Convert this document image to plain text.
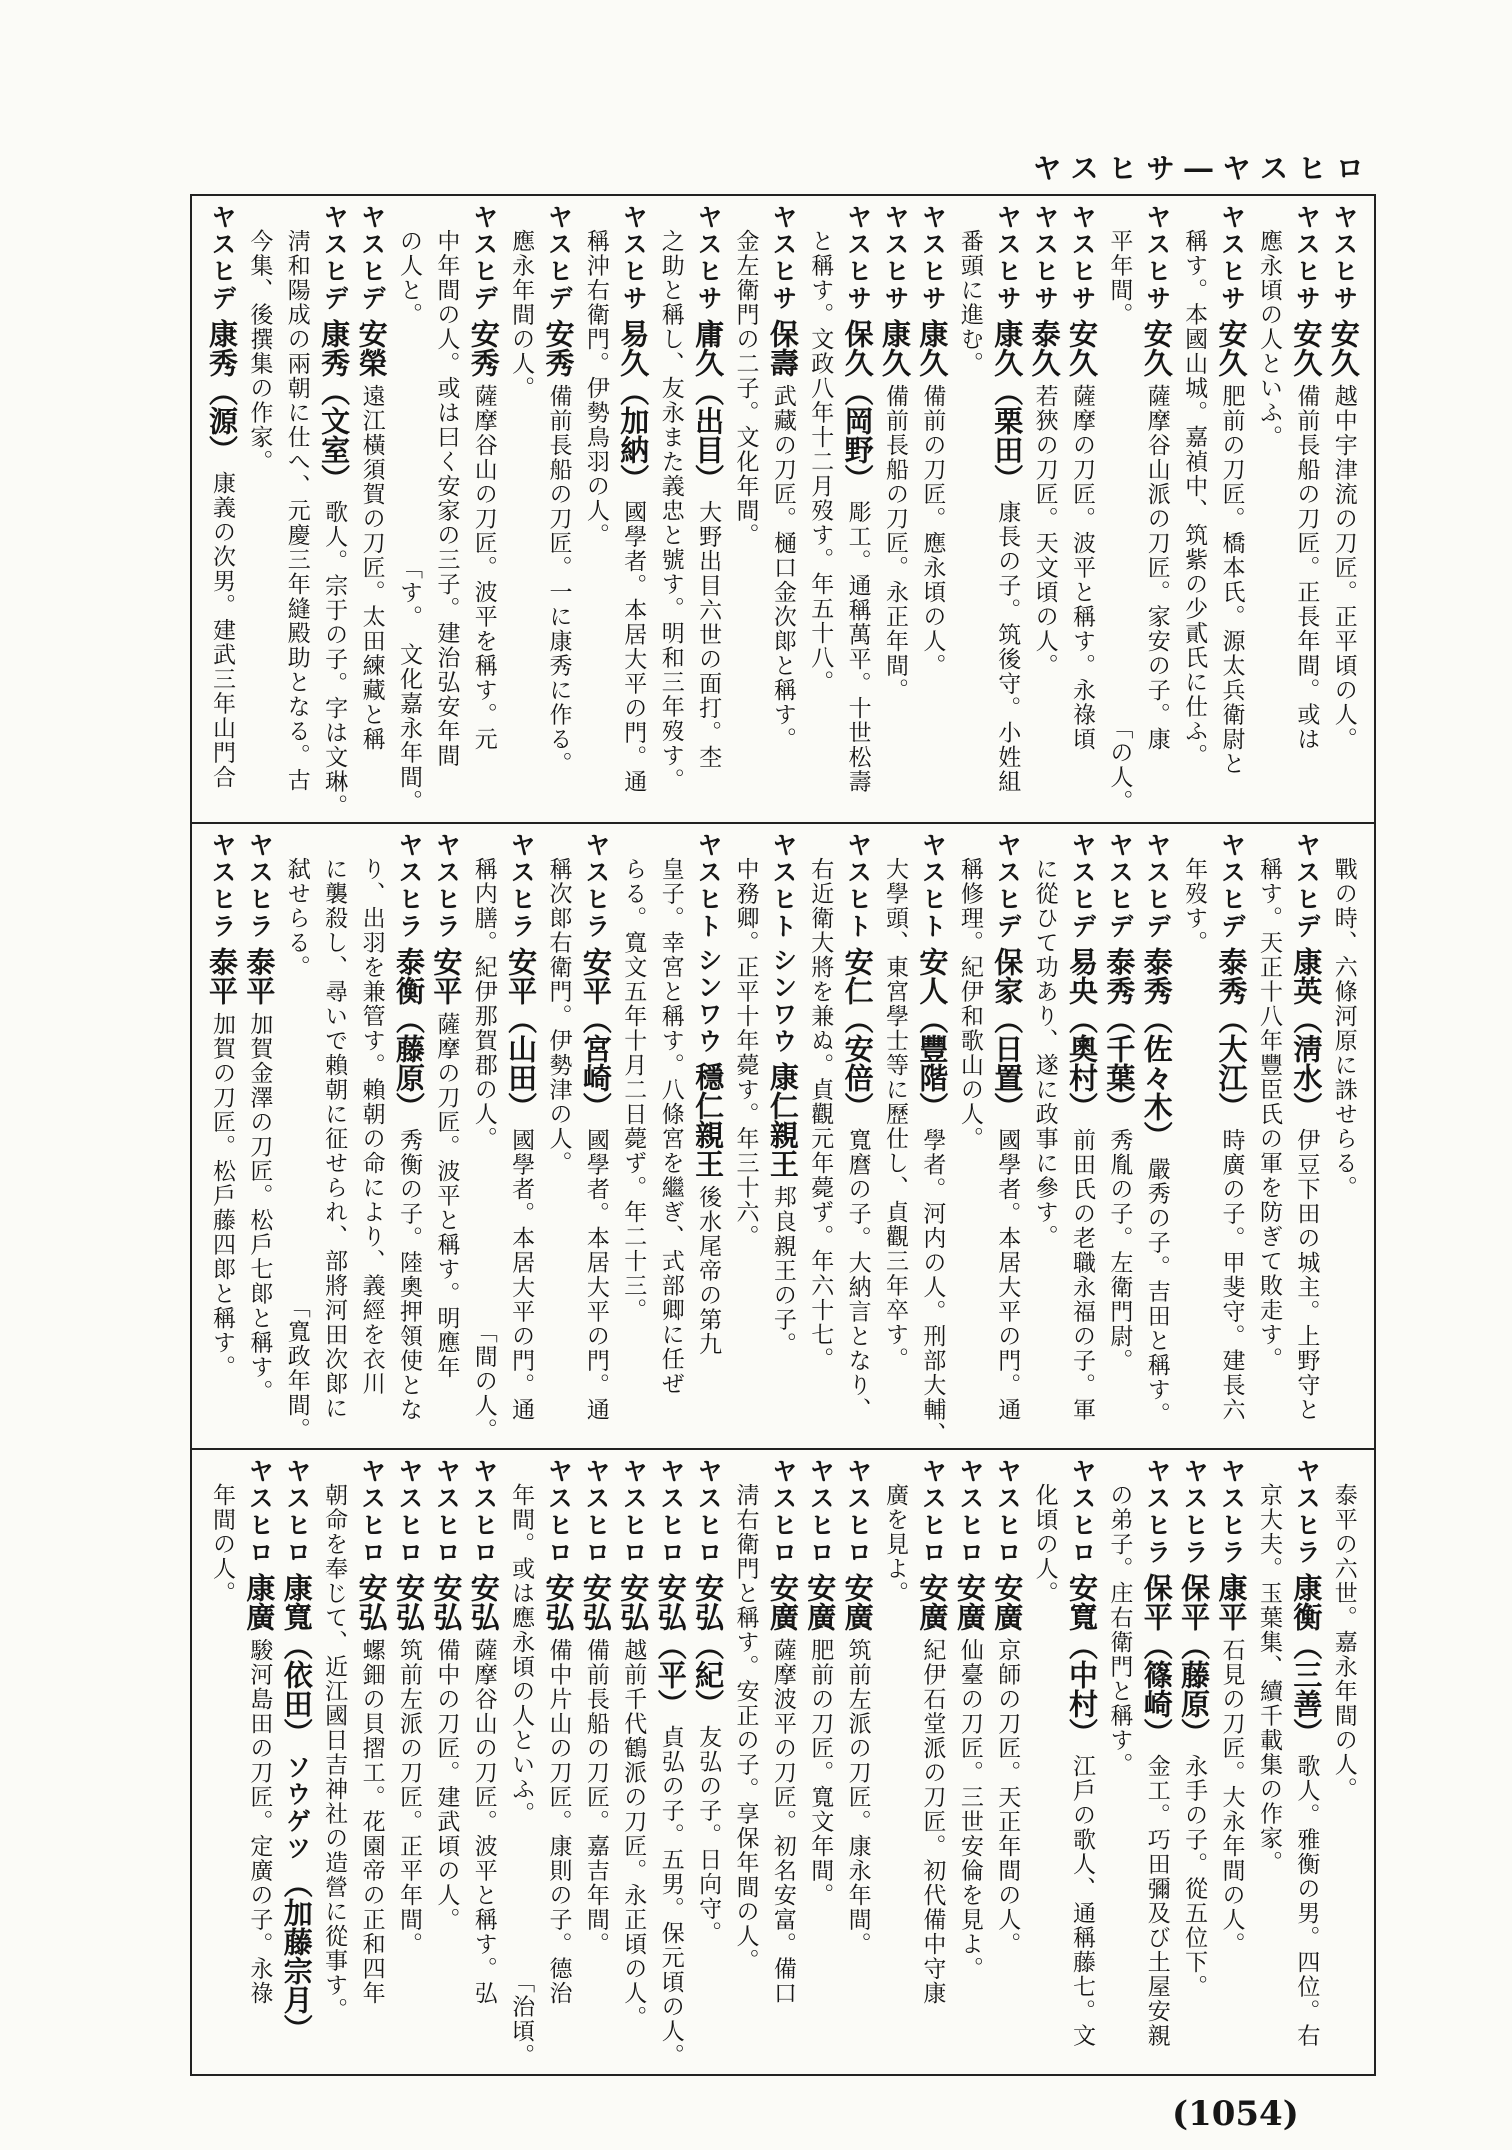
ヤスヒサ―ヤスヒロ
ヤスヒサ安久越中宇津流の刀匠。正平頃の人。
ヤスヒサ安久備前長船の刀匠。正長年間。或は
應永頃の人といふ。
ヤスヒサ安久肥前の刀匠。橋本氏。源太兵衛尉と
稱す。本國山城。嘉禎中、筑紫の少貳氏に仕ふ。
ヤスヒサ安久薩摩谷山派の刀匠。家安の子。康
平年間。
「の人。
ヤスヒサ安久薩摩の刀匠。波平と稱す。永祿頃
ヤスヒサ泰久若狹の刀匠。天文頃の人。
ヤスヒサ康久（栗田）康長の子。筑後守。小姓組
番頭に進む。
ヤスヒサ康久備前の刀匠。應永頃の人。
ヤスヒサ康久備前長船の刀匠。永正年間。
ヤスヒサ保久（岡野）彫工。通稱萬平。十世松壽
と稱す。文政八年十二月歿す。年五十八。
ヤスヒサ保壽武藏の刀匠。樋口金次郞と稱す。
金左衛門の二子。文化年間。
ヤスヒサ庸久（出目）大野出目六世の面打。杢
之助と稱し、友永また義忠と號す。明和三年歿す。
ヤスヒサ易久（加納）國學者。本居大平の門。通
稱沖右衛門。伊勢鳥羽の人。
ヤスヒデ安秀備前長船の刀匠。一に康秀に作る。
應永年間の人。
ヤスヒデ安秀薩摩谷山の刀匠。波平を稱す。元
中年間の人。或は曰く安家の三子。建治弘安年間
の人と。
「す。　文化嘉永年間。
ヤスヒデ安榮遠江橫須賀の刀匠。太田練藏と稱
ヤスヒデ康秀（文室）歌人。宗于の子。字は文琳。
淸和陽成の兩朝に仕へ、元慶三年縫殿助となる。古
今集、後撰集の作家。
ヤスヒデ康秀（源）康義の次男。建武三年山門合
戰の時、六條河原に誅せらる。
ヤスヒデ康英（淸水）伊豆下田の城主。上野守と
稱す。天正十八年豐臣氏の軍を防ぎて敗走す。
ヤスヒデ泰秀（大江）時廣の子。甲斐守。建長六
年歿す。
ヤスヒデ泰秀（佐々木）嚴秀の子。吉田と稱す。
ヤスヒデ泰秀（千葉）秀胤の子。左衛門尉。
ヤスヒデ易央（奧村）前田氏の老職永福の子。軍
に從ひて功あり、遂に政事に參す。
ヤスヒデ保家（日置）國學者。本居大平の門。通
稱修理。紀伊和歌山の人。
ヤスヒト安人（豐階）學者。河内の人。刑部大輔、
大學頭、東宮學士等に歷仕し、貞觀三年卒す。
ヤスヒト安仁（安倍）寬麿の子。大納言となり、
右近衛大將を兼ぬ。貞觀元年薨ず。年六十七。
ヤスヒトシンワウ康仁親王邦良親王の子。
中務卿。正平十年薨す。年三十六。
ヤスヒトシンワウ穩仁親王後水尾帝の第九
皇子。幸宮と稱す。八條宮を繼ぎ、式部卿に任ぜ
らる。寬文五年十月二日薨ず。年二十三。
ヤスヒラ安平（宮崎）國學者。本居大平の門。通
稱次郞右衛門。伊勢津の人。
ヤスヒラ安平（山田）國學者。本居大平の門。通
稱内膳。紀伊那賀郡の人。
「間の人。
ヤスヒラ安平薩摩の刀匠。波平と稱す。明應年
ヤスヒラ泰衡（藤原）秀衡の子。陸奧押領使とな
り、出羽を兼管す。賴朝の命により、義經を衣川
に襲殺し、尋いで賴朝に征せられ、部將河田次郞に
弑せらる。
「寬政年間。
ヤスヒラ泰平加賀金澤の刀匠。松戶七郞と稱す。
ヤスヒラ泰平加賀の刀匠。松戶藤四郞と稱す。
泰平の六世。嘉永年間の人。
ヤスヒラ康衡（三善）歌人。雅衡の男。四位。右
京大夫。玉葉集、續千載集の作家。
ヤスヒラ康平石見の刀匠。大永年間の人。
ヤスヒラ保平（藤原）永手の子。從五位下。
ヤスヒラ保平（篠崎）金工。巧田彌及び土屋安親
の弟子。庄右衛門と稱す。
ヤスヒロ安寬（中村）江戶の歌人、通稱藤七。文
化頃の人。
ヤスヒロ安廣京師の刀匠。天正年間の人。
ヤスヒロ安廣仙臺の刀匠。三世安倫を見よ。
ヤスヒロ安廣紀伊石堂派の刀匠。初代備中守康
廣を見よ。
ヤスヒロ安廣筑前左派の刀匠。康永年間。
ヤスヒロ安廣肥前の刀匠。寬文年間。
ヤスヒロ安廣薩摩波平の刀匠。初名安富。備口
淸右衛門と稱す。安正の子。享保年間の人。
ヤスヒロ安弘（紀）友弘の子。日向守。
ヤスヒロ安弘（平）貞弘の子。五男。保元頃の人。
ヤスヒロ安弘越前千代鶴派の刀匠。永正頃の人。
ヤスヒロ安弘備前長船の刀匠。嘉吉年間。
ヤスヒロ安弘備中片山の刀匠。康則の子。德治
年間。或は應永頃の人といふ。
「治頃。
ヤスヒロ安弘薩摩谷山の刀匠。波平と稱す。弘
ヤスヒロ安弘備中の刀匠。建武頃の人。
ヤスヒロ安弘筑前左派の刀匠。正平年間。
ヤスヒロ安弘螺鈿の貝摺工。花園帝の正和四年
朝命を奉じて、近江國日吉神社の造營に從事す。
ヤスヒロ康寬（依田）ソウゲツ（加藤宗月）
ヤスヒロ康廣駿河島田の刀匠。定廣の子。永祿
年間の人。
(1054)
